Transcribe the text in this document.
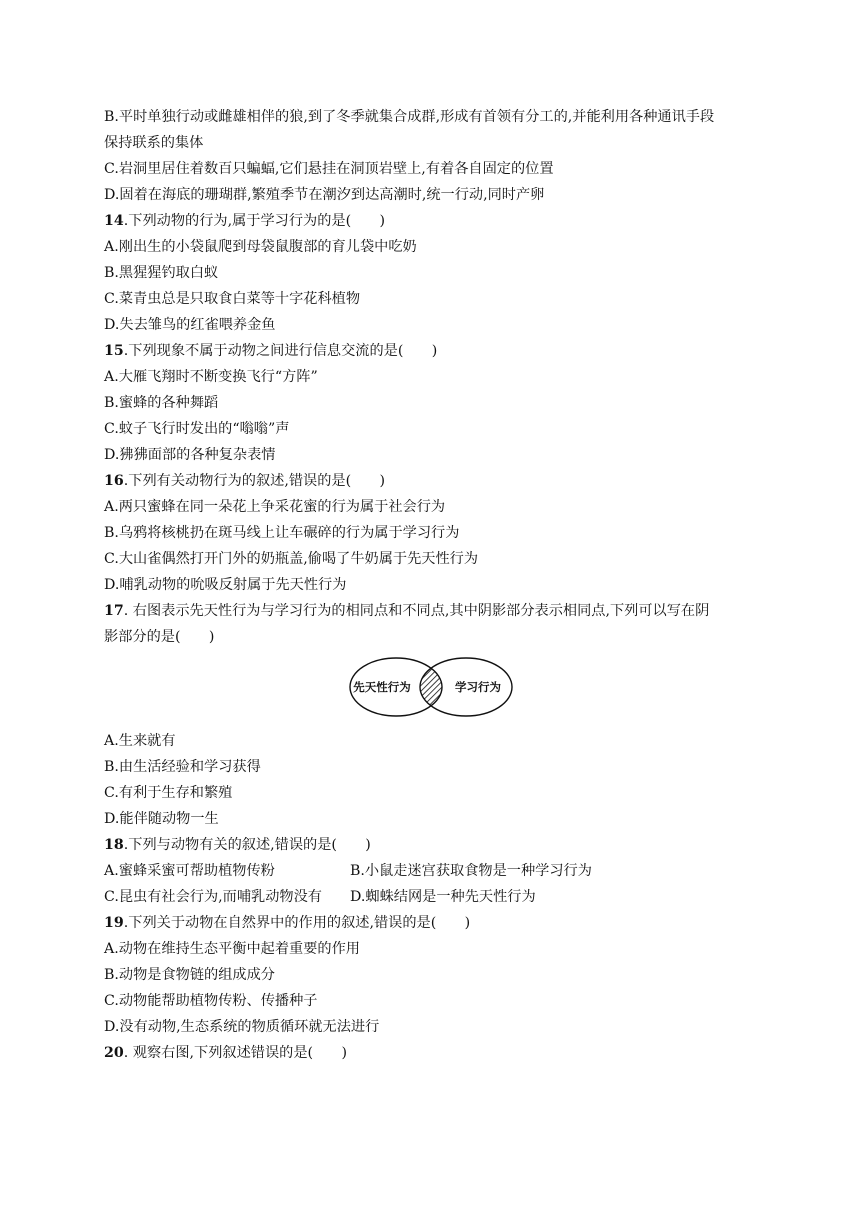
B.平时单独行动或雌雄相伴的狼,到了冬季就集合成群,形成有首领有分工的,并能利用各种通讯手段
保持联系的集体
C.岩洞里居住着数百只蝙蝠,它们悬挂在洞顶岩壁上,有着各自固定的位置
D.固着在海底的珊瑚群,繁殖季节在潮汐到达高潮时,统一行动,同时产卵
14.下列动物的行为,属于学习行为的是(　　)
A.刚出生的小袋鼠爬到母袋鼠腹部的育儿袋中吃奶
B.黑猩猩钓取白蚁
C.菜青虫总是只取食白菜等十字花科植物
D.失去雏鸟的红雀喂养金鱼
15.下列现象不属于动物之间进行信息交流的是(　　)
A.大雁飞翔时不断变换飞行“方阵”
B.蜜蜂的各种舞蹈
C.蚊子飞行时发出的“嗡嗡”声
D.狒狒面部的各种复杂表情
16.下列有关动物行为的叙述,错误的是(　　)
A.两只蜜蜂在同一朵花上争采花蜜的行为属于社会行为
B.乌鸦将核桃扔在斑马线上让车碾碎的行为属于学习行为
C.大山雀偶然打开门外的奶瓶盖,偷喝了牛奶属于先天性行为
D.哺乳动物的吮吸反射属于先天性行为
17. 右图表示先天性行为与学习行为的相同点和不同点,其中阴影部分表示相同点,下列可以写在阴
影部分的是(　　)
先天性行为	学习行为
A.生来就有
B.由生活经验和学习获得
C.有利于生存和繁殖
D.能伴随动物一生
18.下列与动物有关的叙述,错误的是(　　)
A.蜜蜂采蜜可帮助植物传粉	B.小鼠走迷宫获取食物是一种学习行为
C.昆虫有社会行为,而哺乳动物没有 D.蜘蛛结网是一种先天性行为
19.下列关于动物在自然界中的作用的叙述,错误的是(　　)
A.动物在维持生态平衡中起着重要的作用
B.动物是食物链的组成成分
C.动物能帮助植物传粉、传播种子
D.没有动物,生态系统的物质循环就无法进行
20. 观察右图,下列叙述错误的是(　　)
